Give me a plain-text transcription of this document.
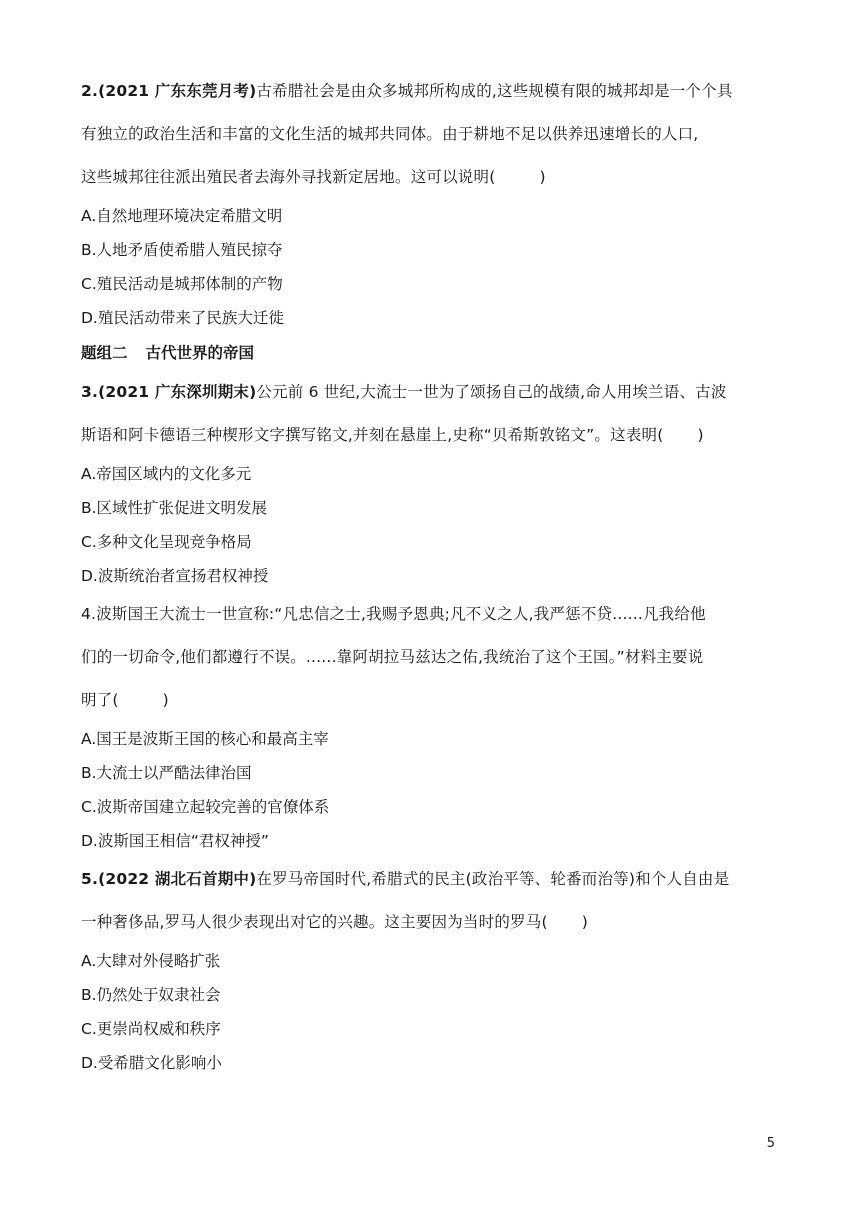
2.(2021 广东东莞月考)古希腊社会是由众多城邦所构成的,这些规模有限的城邦却是一个个具
有独立的政治生活和丰富的文化生活的城邦共同体。由于耕地不足以供养迅速增长的人口,
这些城邦往往派出殖民者去海外寻找新定居地。这可以说明(	)

A.自然地理环境决定希腊文明

B.人地矛盾使希腊人殖民掠夺

C.殖民活动是城邦体制的产物

D.殖民活动带来了民族大迁徙

题组二 古代世界的帝国

3.(2021 广东深圳期末)公元前 6 世纪,大流士一世为了颂扬自己的战绩,命人用埃兰语、古波
斯语和阿卡德语三种楔形文字撰写铭文,并刻在悬崖上,史称“贝希斯敦铭文”。这表明( )

A.帝国区域内的文化多元

B.区域性扩张促进文明发展

C.多种文化呈现竞争格局

D.波斯统治者宣扬君权神授

4.波斯国王大流士一世宣称:“凡忠信之士,我赐予恩典;凡不义之人,我严惩不贷......凡我给他
们的一切命令,他们都遵行不误。......靠阿胡拉马兹达之佑,我统治了这个王国。”材料主要说
明了(	)

A.国王是波斯王国的核心和最高主宰

B.大流士以严酷法律治国

C.波斯帝国建立起较完善的官僚体系

D.波斯国王相信“君权神授”

5.(2022 湖北石首期中)在罗马帝国时代,希腊式的民主(政治平等、轮番而治等)和个人自由是
一种奢侈品,罗马人很少表现出对它的兴趣。这主要因为当时的罗马( )

A.大肆对外侵略扩张

B.仍然处于奴隶社会

C.更崇尚权威和秩序

D.受希腊文化影响小

5
